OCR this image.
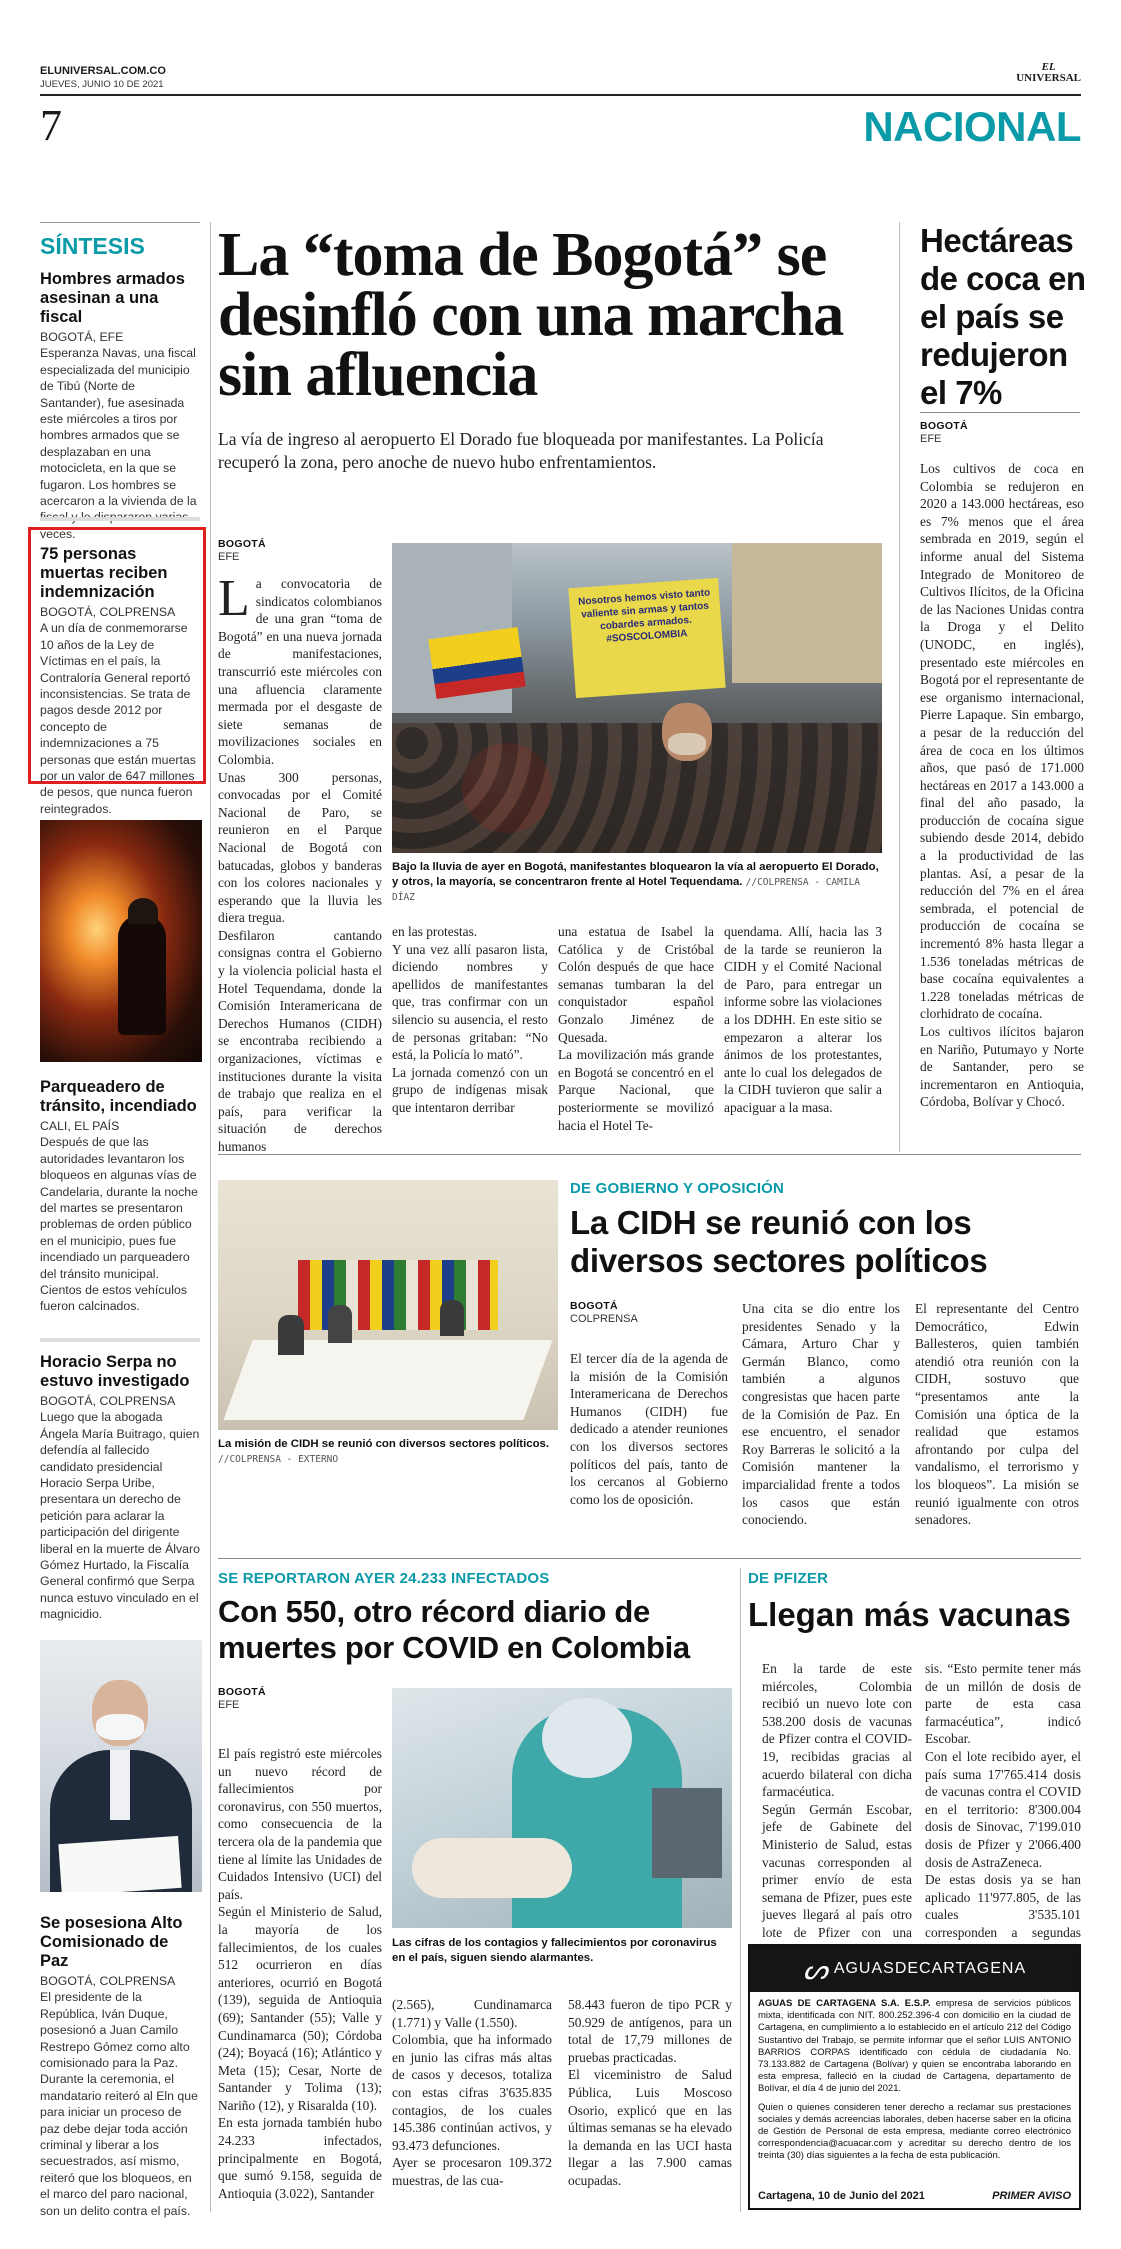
ELUNIVERSAL.COM.CO
JUEVES, JUNIO 10 DE 2021
EL
UNIVERSAL
7	NACIONAL
SÍNTESIS
Hombres armados asesinan a una fiscal
BOGOTÁ, EFE
Esperanza Navas, una fiscal especializada del municipio de Tibú (Norte de Santander), fue asesinada este miércoles a tiros por hombres armados que se desplazaban en una motocicleta, en la que se fugaron. Los hombres se acercaron a la vivienda de la veces.
75 personas muertas reciben indemnización
BOGOTÁ, COLPRENSA
A un día de conmemorarse 10 años de la Ley de Víctimas en el país, la Contraloría General reportó inconsistencias. Se trata de pagos desde 2012 por concepto de indemnizaciones a 75 personas que están muertas por un valor de 647 millones de pesos, que nunca fueron reintegrados.
Parqueadero de tránsito, incendiado
CALI, EL PAÍS
Después de que las autoridades levantaron los bloqueos en algunas vías de Candelaria, durante la noche del martes se presentaron problemas de orden público en el municipio, pues fue incendiado un parqueadero del tránsito municipal. Cientos de estos vehículos fueron calcinados.
Horacio Serpa no estuvo investigado
BOGOTÁ, COLPRENSA
Luego que la abogada Ángela María Buitrago, quien defendía al fallecido candidato presidencial Horacio Serpa Uribe, presentara un derecho de petición para aclarar la participación del dirigente liberal en la muerte de Álvaro Gómez Hurtado, la Fiscalía General confirmó que Serpa nunca estuvo vinculado en el magnicidio.
Se posesiona Alto Comisionado de Paz
BOGOTÁ, COLPRENSA
El presidente de la República, Iván Duque, posesionó a Juan Camilo Restrepo Gómez como alto comisionado para la Paz. Durante la ceremonia, el mandatario reiteró al Eln que para iniciar un proceso de paz debe dejar toda acción criminal y liberar a los secuestrados, así mismo, reiteró que los bloqueos, en el marco del paro nacional, son un delito contra el país.
La “toma de Bogotá” se desinfló con una marcha sin afluencia
La vía de ingreso al aeropuerto El Dorado fue bloqueada por manifestantes. La Policía recuperó la zona, pero anoche de nuevo hubo enfrentamientos.
BOGOTÁ
EFE
La convocatoria de sindicatos colombianos de una gran “toma de Bogotá” en una nueva jornada de manifestaciones, transcurrió este miércoles con una afluencia claramente mermada por el desgaste de siete semanas de movilizaciones sociales en Colombia.
Unas 300 personas, convocadas por el Comité Nacional de Paro, se reunieron en el Parque Nacional de Bogotá con batucadas, globos y banderas con los colores nacionales y esperando que la lluvia les diera tregua.
Desfilaron cantando consignas contra el Gobierno y la violencia policial hasta el Hotel Tequendama, donde la Comisión Interamericana de Derechos Humanos (CIDH) se encontraba recibiendo a organizaciones, víctimas e instituciones durante la visita de trabajo que realiza en el país, para verificar la situación de derechos humanos
Nosotros hemos visto tanto valiente sin armas y tantos cobardes armados. #SOSCOLOMBIA
Bajo la lluvia de ayer en Bogotá, manifestantes bloquearon la vía al aeropuerto El Dorado, y otros, la mayoría, se concentraron frente al Hotel Tequendama. //COLPRENSA - CAMILA DÍAZ
en las protestas.
Y una vez allí pasaron lista, diciendo nombres y apellidos de manifestantes que, tras confirmar con un silencio su ausencia, el resto de personas gritaban: “No está, la Policía lo mató”.
La jornada comenzó con un grupo de indígenas misak que intentaron derribar
una estatua de Isabel la Católica y de Cristóbal Colón después de que hace semanas tumbaran la del conquistador español Gonzalo Jiménez de Quesada.
La movilización más grande en Bogotá se concentró en el Parque Nacional, que posteriormente se movilizó hacia el Hotel Te-
quendama. Allí, hacia las 3 de la tarde se reunieron la CIDH y el Comité Nacional de Paro, para entregar un informe sobre las violaciones a los DDHH. En este sitio se empezaron a alterar los ánimos de los protestantes, ante lo cual los delegados de la CIDH tuvieron que salir a apaciguar a la masa.
Hectáreas de coca en el país se redujeron el 7%
BOGOTÁ
EFE
Los cultivos de coca en Colombia se redujeron en 2020 a 143.000 hectáreas, eso es 7% menos que el área sembrada en 2019, según el informe anual del Sistema Integrado de Monitoreo de Cultivos Ilícitos, de la Oficina de las Naciones Unidas contra la Droga y el Delito (UNODC, en inglés), presentado este miércoles en Bogotá por el representante de ese organismo internacional, Pierre Lapaque. Sin embargo, a pesar de la reducción del área de coca en los últimos años, que pasó de 171.000 hectáreas en 2017 a 143.000 a final del año pasado, la producción de cocaína sigue subiendo desde 2014, debido a la productividad de las plantas. Así, a pesar de la reducción del 7% en el área sembrada, el potencial de producción de cocaína se incrementó 8% hasta llegar a 1.536 toneladas métricas de base cocaína equivalentes a 1.228 toneladas métricas de clorhidrato de cocaína.
Los cultivos ilícitos bajaron en Nariño, Putumayo y Norte de Santander, pero se incrementaron en Antioquia, Córdoba, Bolívar y Chocó.
La misión de CIDH se reunió con diversos sectores políticos.
//COLPRENSA - EXTERNO
DE GOBIERNO Y OPOSICIÓN
La CIDH se reunió con los diversos sectores políticos
BOGOTÁ
COLPRENSA
El tercer día de la agenda de la misión de la Comisión Interamericana de Derechos Humanos (CIDH) fue dedicado a atender reuniones con los diversos sectores políticos del país, tanto de los cercanos al Gobierno como los de oposición.
Una cita se dio entre los presidentes Senado y la Cámara, Arturo Char y Germán Blanco, como también a algunos congresistas que hacen parte de la Comisión de Paz. En ese encuentro, el senador Roy Barreras le solicitó a la Comisión mantener la imparcialidad frente a todos los casos que están conociendo.
El representante del Centro Democrático, Edwin Ballesteros, quien también atendió otra reunión con la CIDH, sostuvo que “presentamos ante la Comisión una óptica de la realidad que estamos afrontando por culpa del vandalismo, el terrorismo y los bloqueos”. La misión se reunió igualmente con otros senadores.
SE REPORTARON AYER 24.233 INFECTADOS
Con 550, otro récord diario de muertes por COVID en Colombia
BOGOTÁ
EFE
El país registró este miércoles un nuevo récord de fallecimientos por coronavirus, con 550 muertos, como consecuencia de la tercera ola de la pandemia que tiene al límite las Unidades de Cuidados Intensivo (UCI) del país.
Según el Ministerio de Salud, la mayoría de los fallecimientos, de los cuales 512 ocurrieron en días anteriores, ocurrió en Bogotá (139), seguida de Antioquia (69); Santander (55); Valle y Cundinamarca (50); Córdoba (24); Boyacá (16); Atlántico y Meta (15); Cesar, Norte de Santander y Tolima (13); Nariño (12), y Risaralda (10).
En esta jornada también hubo 24.233 infectados, principalmente en Bogotá, que sumó 9.158, seguida de Antioquia (3.022), Santander
Las cifras de los contagios y fallecimientos por coronavirus en el país, siguen siendo alarmantes.
(2.565), Cundinamarca (1.771) y Valle (1.550).
Colombia, que ha informado en junio las cifras más altas de casos y decesos, totaliza con estas cifras 3'635.835 contagios, de los cuales 145.386 continúan activos, y 93.473 defunciones.
Ayer se procesaron 109.372 muestras, de las cua-
58.443 fueron de tipo PCR y 50.929 de antígenos, para un total de 17,79 millones de pruebas practicadas.
El viceministro de Salud Pública, Luis Moscoso Osorio, explicó que en las últimas semanas se ha elevado la demanda en las UCI hasta llegar a las 7.900 camas ocupadas.
DE PFIZER
Llegan más vacunas
En la tarde de este miércoles, Colombia recibió un nuevo lote con 538.200 dosis de vacunas de Pfizer contra el COVID-19, recibidas gracias al acuerdo bilateral con dicha farmacéutica.
Según Germán Escobar, jefe de Gabinete del Ministerio de Salud, estas vacunas corresponden al primer envío de esta semana de Pfizer, pues este jueves llegará al país otro lote de Pfizer con una
sis. “Esto permite tener más de un millón de dosis de parte de esta casa farmacéutica”, indicó Escobar.
Con el lote recibido ayer, el país suma 17'765.414 dosis de vacunas contra el COVID en el territorio: 8'300.004 dosis de Sinovac, 7'199.010 dosis de Pfizer y 2'066.400 dosis de AstraZeneca.
De estas dosis ya se han aplicado 11'977.805, de las cuales 3'535.101 corresponden a segundas
ᔕ AGUASDECARTAGENA
AGUAS DE CARTAGENA S.A. E.S.P. empresa de servicios públicos mixta, identificada con NIT. 800.252.396-4 con domicilio en la ciudad de Cartagena, en cumplimiento a lo establecido en el artículo 212 del Código Sustantivo del Trabajo, se permite informar que el señor LUIS ANTONIO BARRIOS CORPAS identificado con cédula de ciudadanía No. 73.133.882 de Cartagena (Bolívar) y quien se encontraba laborando en esta empresa, falleció en la ciudad de Cartagena, departamento de Bolívar, el día 4 de junio del 2021.
Quien o quienes consideren tener derecho a reclamar sus prestaciones sociales y demás acreencias laborales, deben hacerse saber en la oficina de Gestión de Personal de esta empresa, mediante correo electrónico correspondencia@acuacar.com y acreditar su derecho dentro de los treinta (30) días siguientes a la fecha de esta publicación.
Cartagena, 10 de Junio del 2021	PRIMER AVISO
